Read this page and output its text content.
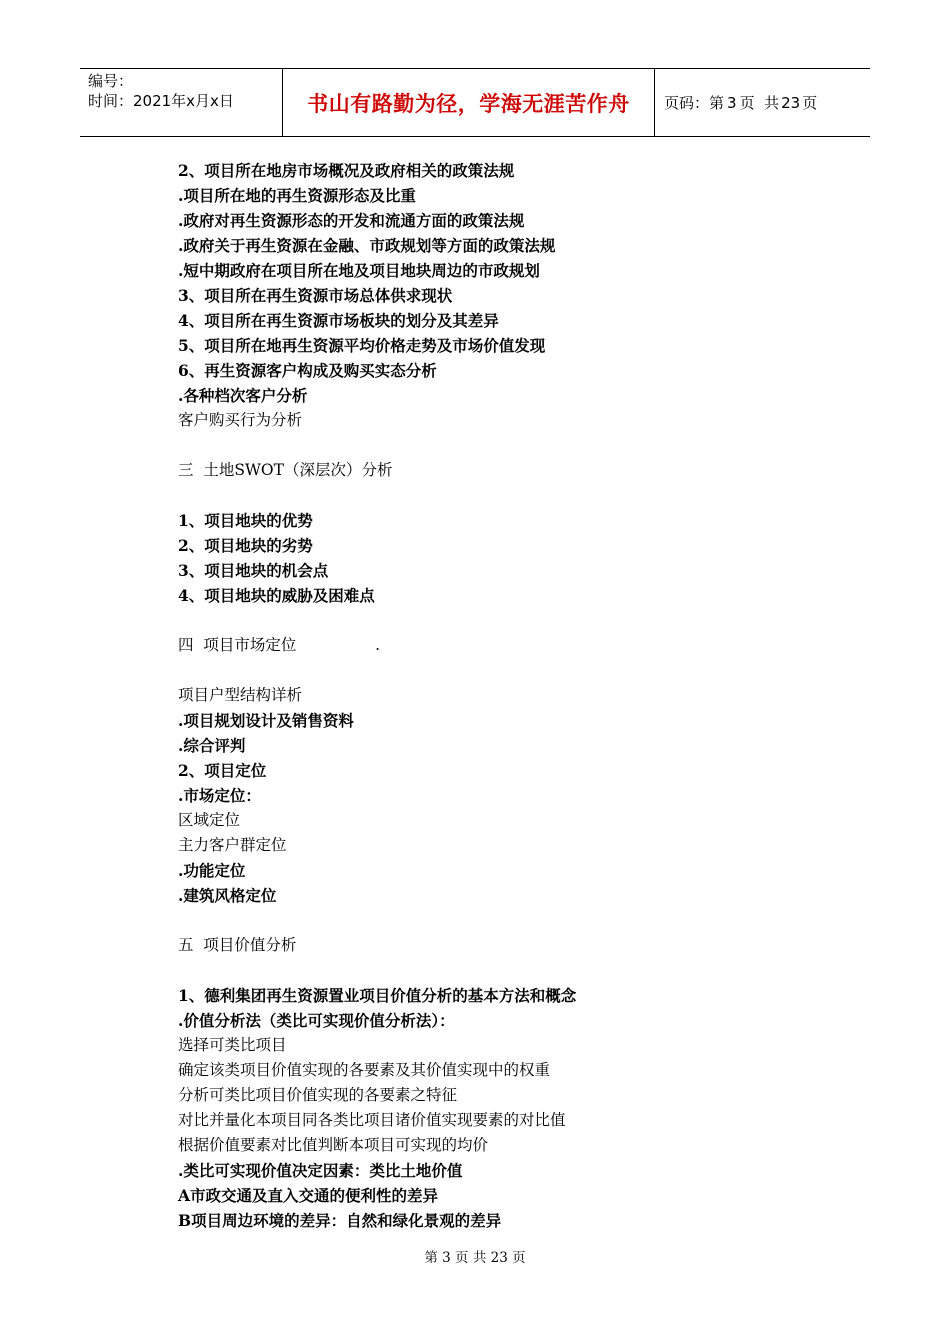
编号：
时间：2021年x月x日	书山有路勤为径，学海无涯苦作舟	页码：第 3 页  共 23 页
2、项目所在地房市场概况及政府相关的政策法规
.项目所在地的再生资源形态及比重
.政府对再生资源形态的开发和流通方面的政策法规
.政府关于再生资源在金融、市政规划等方面的政策法规
.短中期政府在项目所在地及项目地块周边的市政规划
3、项目所在再生资源市场总体供求现状
4、项目所在再生资源市场板块的划分及其差异
5、项目所在地再生资源平均价格走势及市场价值发现
6、再生资源客户构成及购买实态分析
.各种档次客户分析
客户购买行为分析
三  土地SWOT（深层次）分析
1、项目地块的优势
2、项目地块的劣势
3、项目地块的机会点
4、项目地块的威胁及困难点
四  项目市场定位                .
项目户型结构详析
.项目规划设计及销售资料
.综合评判
2、项目定位
.市场定位：
区域定位
主力客户群定位
.功能定位
.建筑风格定位
五  项目价值分析
1、德利集团再生资源置业项目价值分析的基本方法和概念
.价值分析法（类比可实现价值分析法）：
选择可类比项目
确定该类项目价值实现的各要素及其价值实现中的权重
分析可类比项目价值实现的各要素之特征
对比并量化本项目同各类比项目诸价值实现要素的对比值
根据价值要素对比值判断本项目可实现的均价
.类比可实现价值决定因素：类比土地价值
A市政交通及直入交通的便利性的差异
B项目周边环境的差异：自然和绿化景观的差异
第 3 页 共 23 页
